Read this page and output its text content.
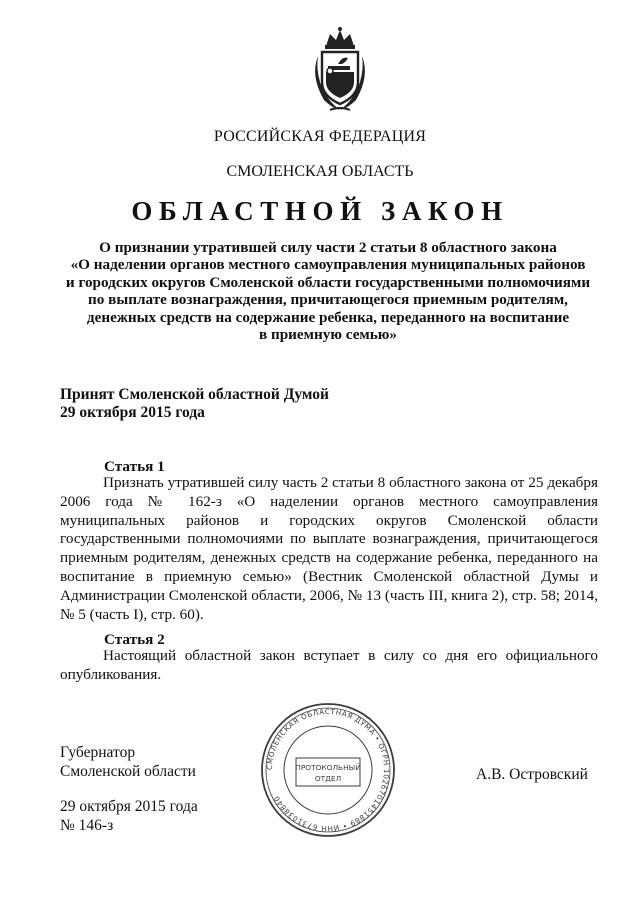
РОССИЙСКАЯ ФЕДЕРАЦИЯ
СМОЛЕНСКАЯ ОБЛАСТЬ
ОБЛАСТНОЙ ЗАКОН
О признании утратившей силу части 2 статьи 8 областного закона
«О наделении органов местного самоуправления муниципальных районов
и городских округов Смоленской области государственными полномочиями
по выплате вознаграждения, причитающегося приемным родителям,
денежных средств на содержание ребенка, переданного на воспитание
в приемную семью»
Принят Смоленской областной Думой
29 октября 2015 года
Статья 1
Признать утратившей силу часть 2 статьи 8 областного закона от 25 декабря 2006 года № 162-з «О наделении органов местного самоуправления муниципальных районов и городских округов Смоленской области государственными полномочиями по выплате вознаграждения, причитающегося приемным родителям, денежных средств на содержание ребенка, переданного на воспитание в приемную семью» (Вестник Смоленской областной Думы и Администрации Смоленской области, 2006, № 13 (часть III, книга 2), стр. 58; 2014, № 5 (часть I), стр. 60).
Статья 2
Настоящий областной закон вступает в силу со дня его официального опубликования.
Губернатор
Смоленской области	А.В. Островский
29 октября 2015 года
№ 146-з
СМОЛЕНСКАЯ ОБЛАСТНАЯ ДУМА • ОГРН 1026701451889 • ИНН 6731038840
ПРОТОКОЛЬНЫЙ
ОТДЕЛ
